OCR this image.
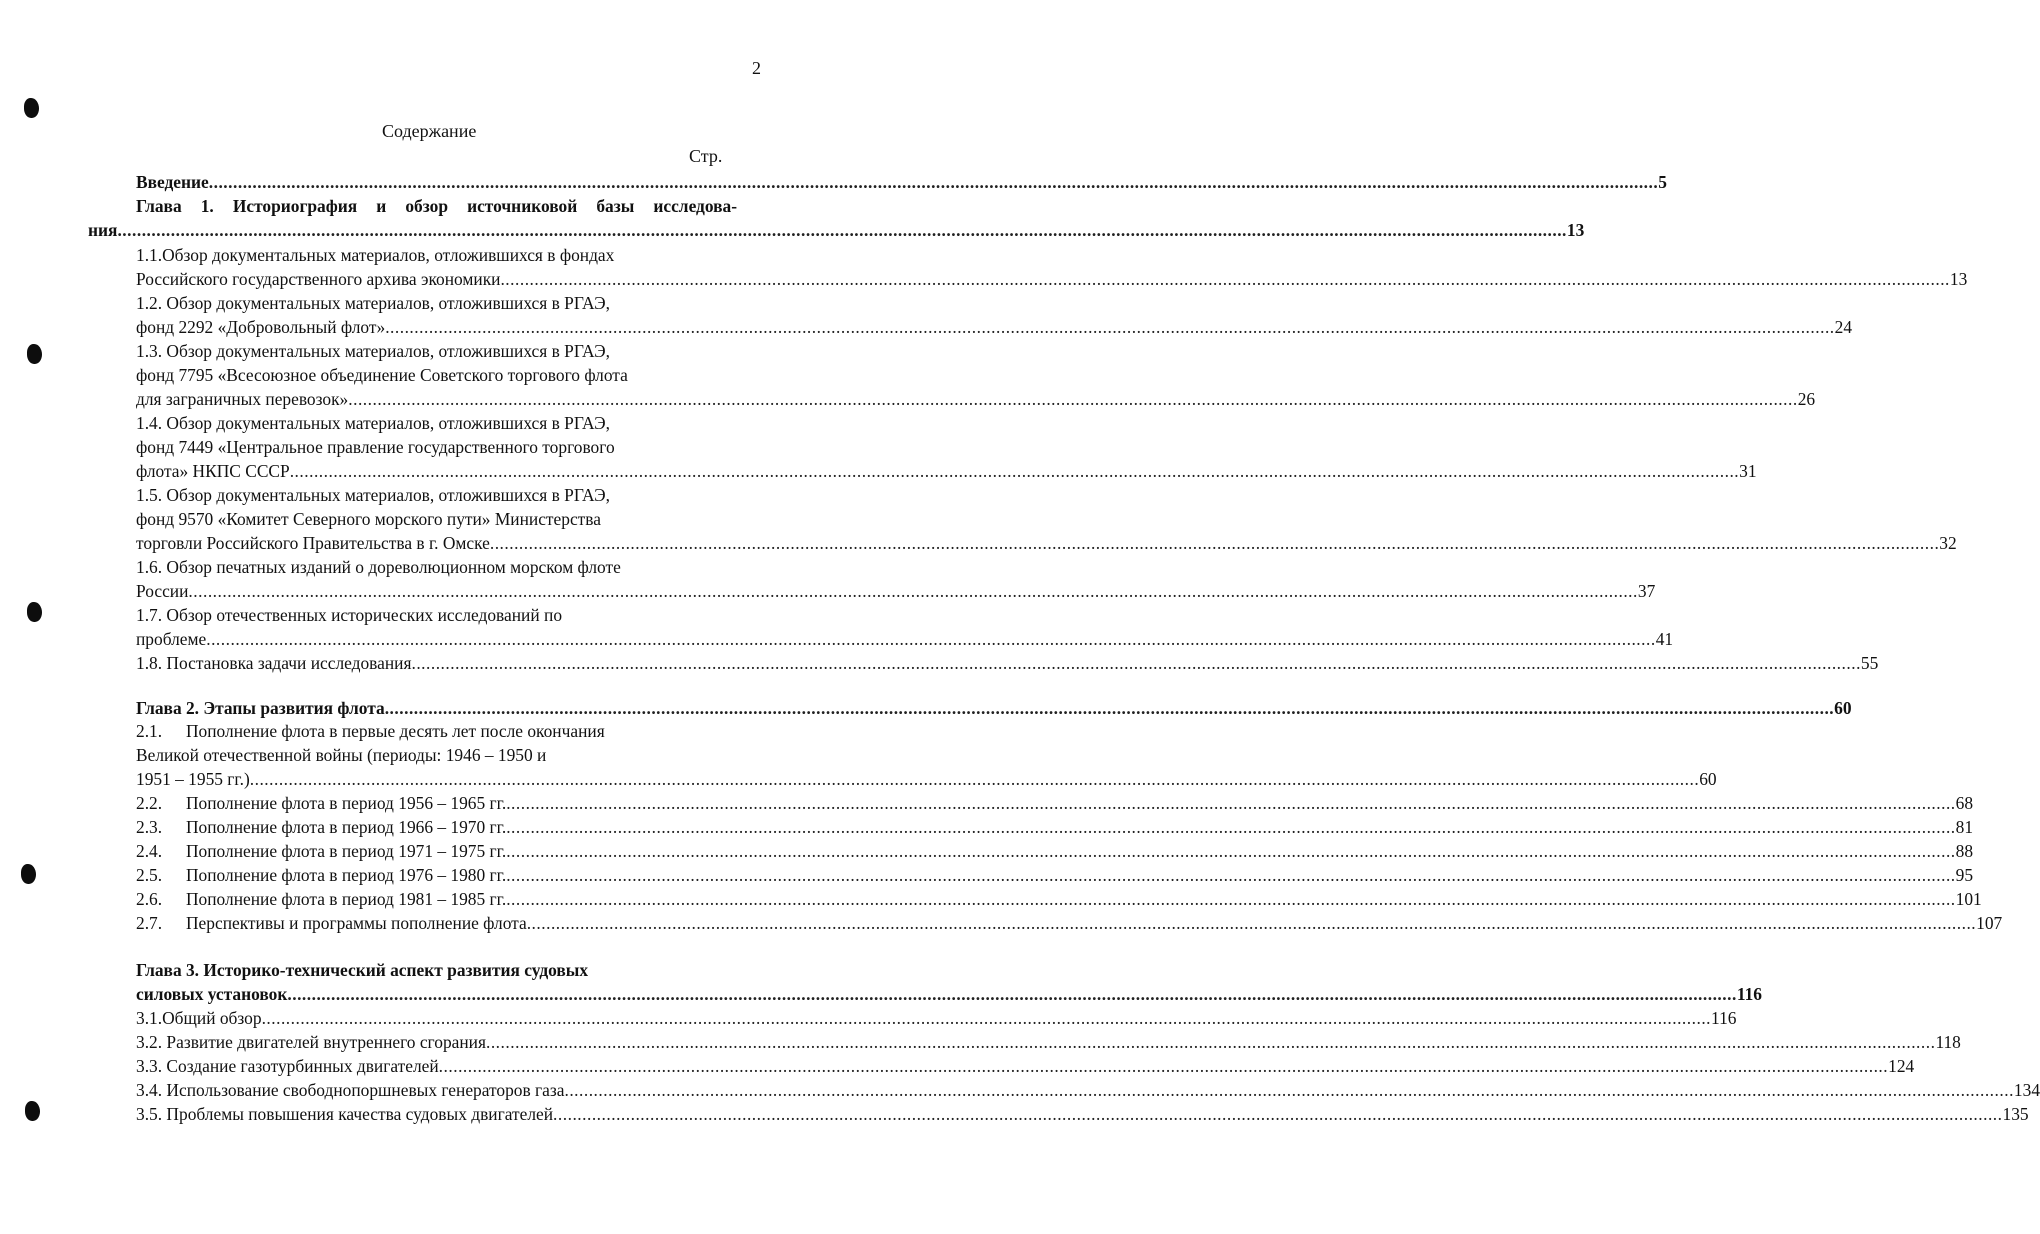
2
Содержание
Стр.
Введение ........................................................................................................................................................................................................................................................................................................... 5
Глава 1. Историография и обзор источниковой базы исследова-
ния ........................................................................................................................................................................................................................................................................................................... 13
1.1.Обзор документальных материалов, отложившихся в фондах
Российского государственного архива экономики ........................................................................................................................................................................................................................................................................................................... 13
1.2. Обзор документальных материалов, отложившихся в РГАЭ,
фонд 2292 «Добровольный флот» ........................................................................................................................................................................................................................................................................................................... 24
1.3. Обзор документальных материалов, отложившихся в РГАЭ,
фонд 7795 «Всесоюзное объединение Советского торгового флота
для заграничных перевозок» ........................................................................................................................................................................................................................................................................................................... 26
1.4. Обзор документальных материалов, отложившихся в РГАЭ,
фонд 7449 «Центральное правление государственного торгового
флота» НКПС СССР ........................................................................................................................................................................................................................................................................................................... 31
1.5. Обзор документальных материалов, отложившихся в РГАЭ,
фонд 9570 «Комитет Северного морского пути» Министерства
торговли Российского Правительства в г. Омске ........................................................................................................................................................................................................................................................................................................... 32
1.6. Обзор печатных изданий о дореволюционном морском флоте
России ........................................................................................................................................................................................................................................................................................................... 37
1.7. Обзор отечественных исторических исследований по
проблеме ........................................................................................................................................................................................................................................................................................................... 41
1.8. Постановка задачи исследования ........................................................................................................................................................................................................................................................................................................... 55
Глава 2. Этапы развития флота ........................................................................................................................................................................................................................................................................................................... 60
2.1. Пополнение флота в первые десять лет после окончания
Великой отечественной войны (периоды: 1946 – 1950 и
1951 – 1955 гг.) ........................................................................................................................................................................................................................................................................................................... 60
2.2.	Пополнение флота в период 1956 – 1965 гг. ........................................................................................................................................................................................................................................................................................................... 68
2.3.	Пополнение флота в период 1966 – 1970 гг. ........................................................................................................................................................................................................................................................................................................... 81
2.4.	Пополнение флота в период 1971 – 1975 гг. ........................................................................................................................................................................................................................................................................................................... 88
2.5.	Пополнение флота в период 1976 – 1980 гг. ........................................................................................................................................................................................................................................................................................................... 95
2.6.	Пополнение флота в период 1981 – 1985 гг. ........................................................................................................................................................................................................................................................................................................... 101
2.7.	Перспективы и программы пополнение флота ........................................................................................................................................................................................................................................................................................................... 107
Глава 3. Историко-технический аспект развития судовых
силовых установок ........................................................................................................................................................................................................................................................................................................... 116
3.1.Общий обзор ........................................................................................................................................................................................................................................................................................................... 116
3.2. Развитие двигателей внутреннего сгорания ........................................................................................................................................................................................................................................................................................................... 118
3.3. Создание газотурбинных двигателей ........................................................................................................................................................................................................................................................................................................... 124
3.4. Использование свободнопоршневых генераторов газа ........................................................................................................................................................................................................................................................................................................... 134
3.5. Проблемы повышения качества судовых двигателей ........................................................................................................................................................................................................................................................................................................... 135
